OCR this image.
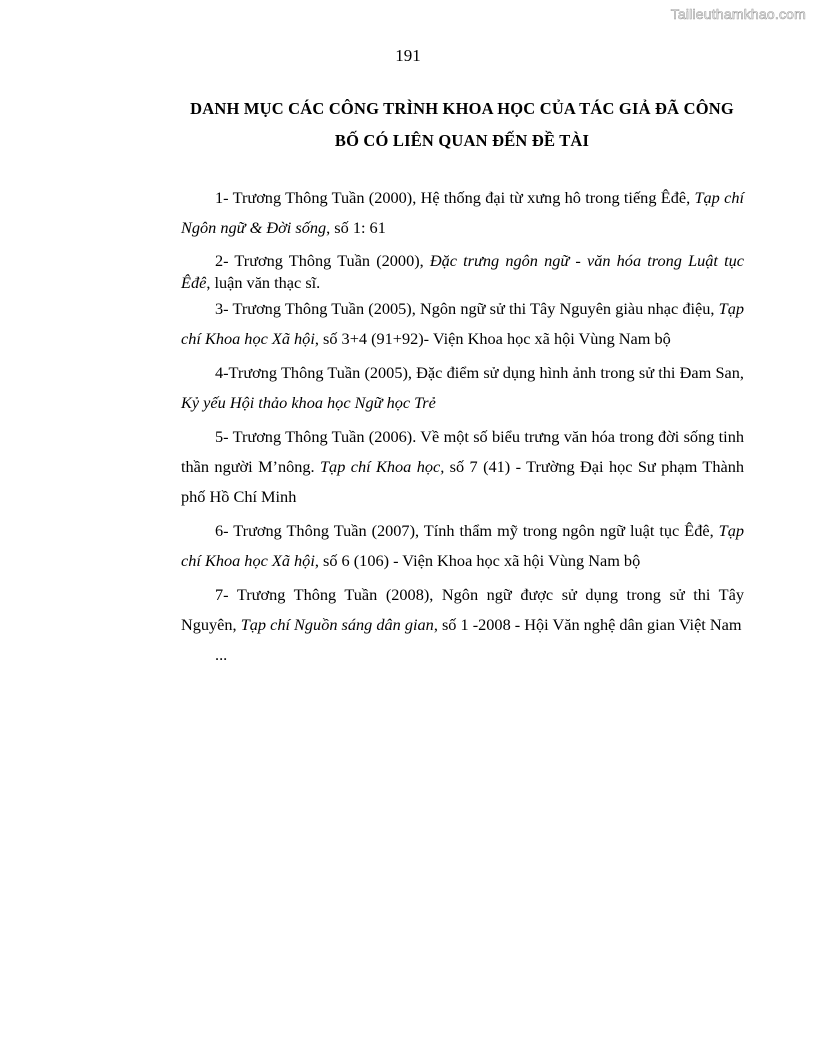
Tailieuthamkhao.com
191
DANH MỤC CÁC CÔNG TRÌNH KHOA HỌC CỦA TÁC GIẢ ĐÃ CÔNG
BỐ CÓ LIÊN QUAN ĐẾN ĐỀ TÀI

1- Trương Thông Tuần (2000), Hệ thống đại từ xưng hô trong tiếng Êđê, Tạp chí Ngôn ngữ & Đời sống, số 1: 61

2- Trương Thông Tuần (2000), Đặc trưng ngôn ngữ - văn hóa trong Luật tục Êđê, luận văn thạc sĩ.

3- Trương Thông Tuần (2005), Ngôn ngữ sử thi Tây Nguyên giàu nhạc điệu, Tạp chí Khoa học Xã hội, số 3+4 (91+92)- Viện Khoa học xã hội Vùng Nam bộ

4-Trương Thông Tuần (2005), Đặc điểm sử dụng hình ảnh trong sử thi Đam San, Kỷ yếu Hội thảo khoa học Ngữ học Trẻ

5- Trương Thông Tuần (2006). Về một số biểu trưng văn hóa trong đời sống tinh thần người M’nông. Tạp chí Khoa học, số 7 (41) - Trường Đại học Sư phạm Thành phố Hồ Chí Minh

6- Trương Thông Tuần (2007), Tính thẩm mỹ trong ngôn ngữ luật tục Êđê, Tạp chí Khoa học Xã hội, số 6 (106) - Viện Khoa học xã hội Vùng Nam bộ

7- Trương Thông Tuần (2008), Ngôn ngữ được sử dụng trong sử thi Tây Nguyên, Tạp chí Nguồn sáng dân gian, số 1 -2008 - Hội Văn nghệ dân gian Việt Nam

...
